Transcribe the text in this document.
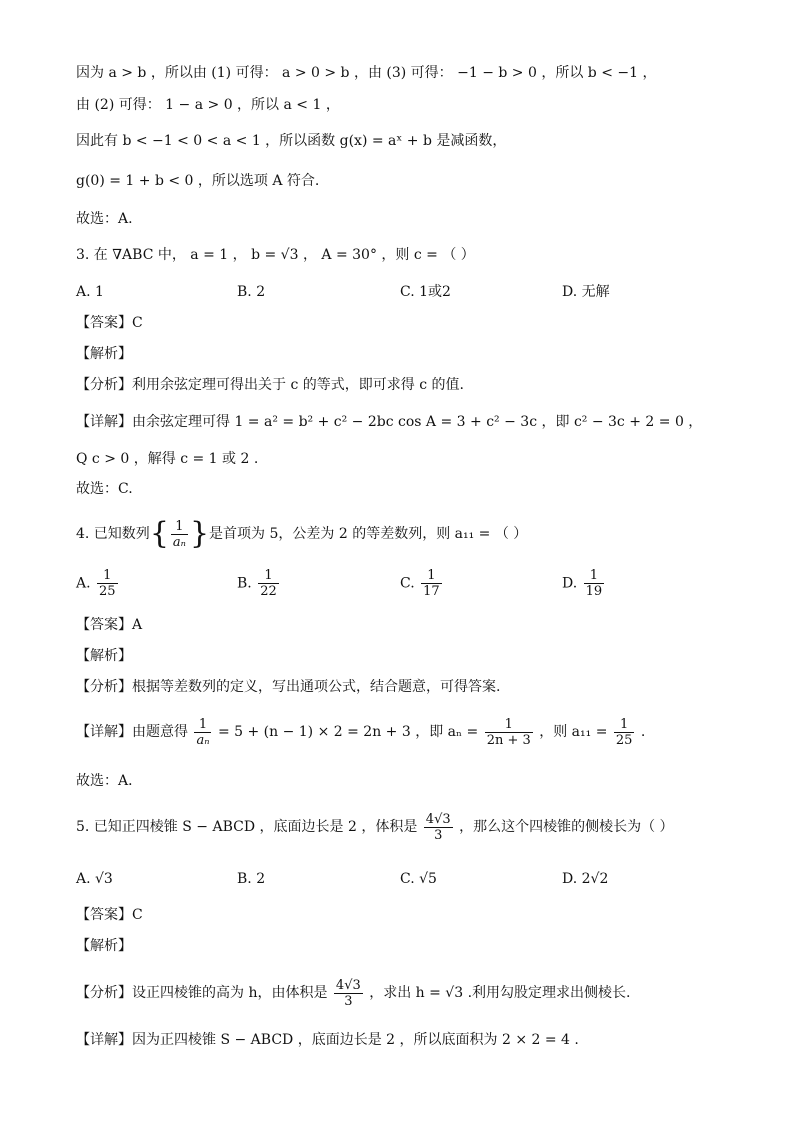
因为 a > b ，所以由 (1) 可得： a > 0 > b ，由 (3) 可得： −1 − b > 0 ，所以 b < −1 ，
由 (2) 可得： 1 − a > 0 ，所以 a < 1 ，
因此有 b < −1 < 0 < a < 1 ，所以函数 g(x) = aˣ + b 是减函数，
g(0) = 1 + b < 0 ，所以选项 A 符合.
故选：A.
3. 在 ∇ABC 中， a = 1 ， b = √3 ， A = 30° ，则 c = （ ）
A. 1	B. 2	C. 1或2	D. 无解
【答案】C
【解析】
【分析】利用余弦定理可得出关于 c 的等式，即可求得 c 的值.
【详解】由余弦定理可得 1 = a² = b² + c² − 2bc cos A = 3 + c² − 3c ，即 c² − 3c + 2 = 0 ，
Q c > 0 ，解得 c = 1 或 2 .
故选：C.
4. 已知数列{ $\frac{1}{\text{aₙ}}$ }是首项为 5，公差为 2 的等差数列，则 a₁₁ = （ ）
A. $\frac{1}{25}$	B. $\frac{1}{22}$	C. $\frac{1}{17}$	D. $\frac{1}{19}$
【答案】A
【解析】
【分析】根据等差数列的定义，写出通项公式，结合题意，可得答案.
【详解】由题意得 $\frac{1}{\text{aₙ}} = 5 + (n - 1) \times 2 = 2n + 3$ ，即 $a_n = \frac{1}{2n + 3}$ ，则 $a_{11} = \frac{1}{25}$ .
故选：A．
5. 已知正四棱锥 S − ABCD ，底面边长是 2 ，体积是 $\frac{4√3}{3}$ ，那么这个四棱锥的侧棱长为（ ）
A. √3	B. 2	C. √5	D. 2√2
【答案】C
【解析】
【分析】设正四棱锥的高为 h，由体积是 $\frac{4√3}{3}$ ，求出 h = √3 .利用勾股定理求出侧棱长.
【详解】因为正四棱锥 S − ABCD ，底面边长是 2 ，所以底面积为 2 × 2 = 4 .
